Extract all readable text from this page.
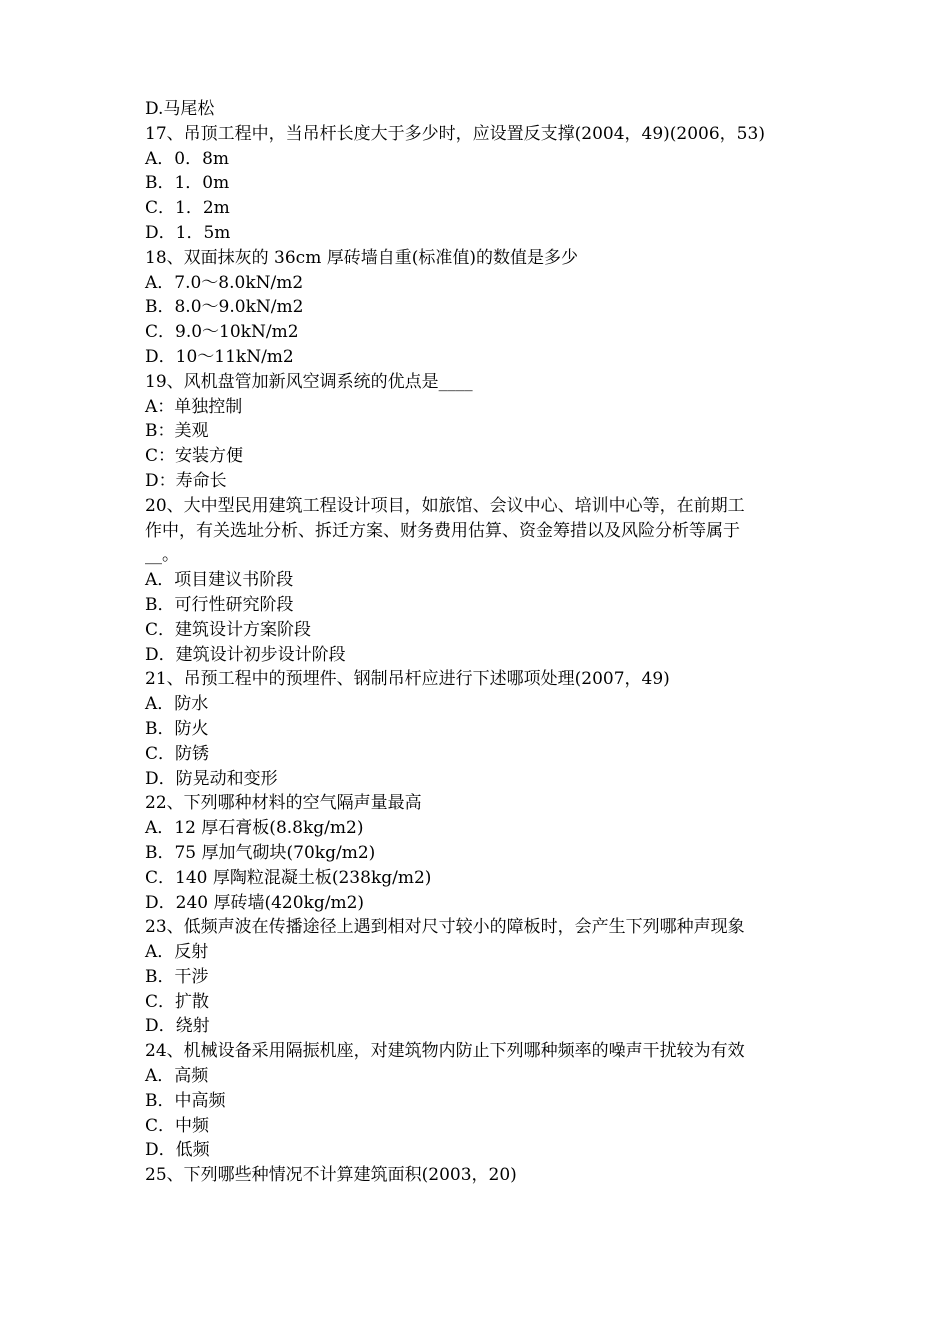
D.马尾松
17、吊顶工程中，当吊杆长度大于多少时，应设置反支撑(2004，49)(2006，53)
A．0．8m
B．1．0m
C．1．2m
D．1．5m
18、双面抹灰的 36cm 厚砖墙自重(标准值)的数值是多少
A．7.0～8.0kN/m2
B．8.0～9.0kN/m2
C．9.0～10kN/m2
D．10～11kN/m2
19、风机盘管加新风空调系统的优点是____
A：单独控制
B：美观
C：安装方便
D：寿命长
20、大中型民用建筑工程设计项目，如旅馆、会议中心、培训中心等，在前期工
作中，有关选址分析、拆迁方案、财务费用估算、资金筹措以及风险分析等属于
__。
A．项目建议书阶段
B．可行性研究阶段
C．建筑设计方案阶段
D．建筑设计初步设计阶段
21、吊预工程中的预埋件、钢制吊杆应进行下述哪项处理(2007，49)
A．防水
B．防火
C．防锈
D．防晃动和变形
22、下列哪种材料的空气隔声量最高
A．12 厚石膏板(8.8kg/m2)
B．75 厚加气砌块(70kg/m2)
C．140 厚陶粒混凝土板(238kg/m2)
D．240 厚砖墙(420kg/m2)
23、低频声波在传播途径上遇到相对尺寸较小的障板时，会产生下列哪种声现象
A．反射
B．干涉
C．扩散
D．绕射
24、机械设备采用隔振机座，对建筑物内防止下列哪种频率的噪声干扰较为有效
A．高频
B．中高频
C．中频
D．低频
25、下列哪些种情况不计算建筑面积(2003，20)
